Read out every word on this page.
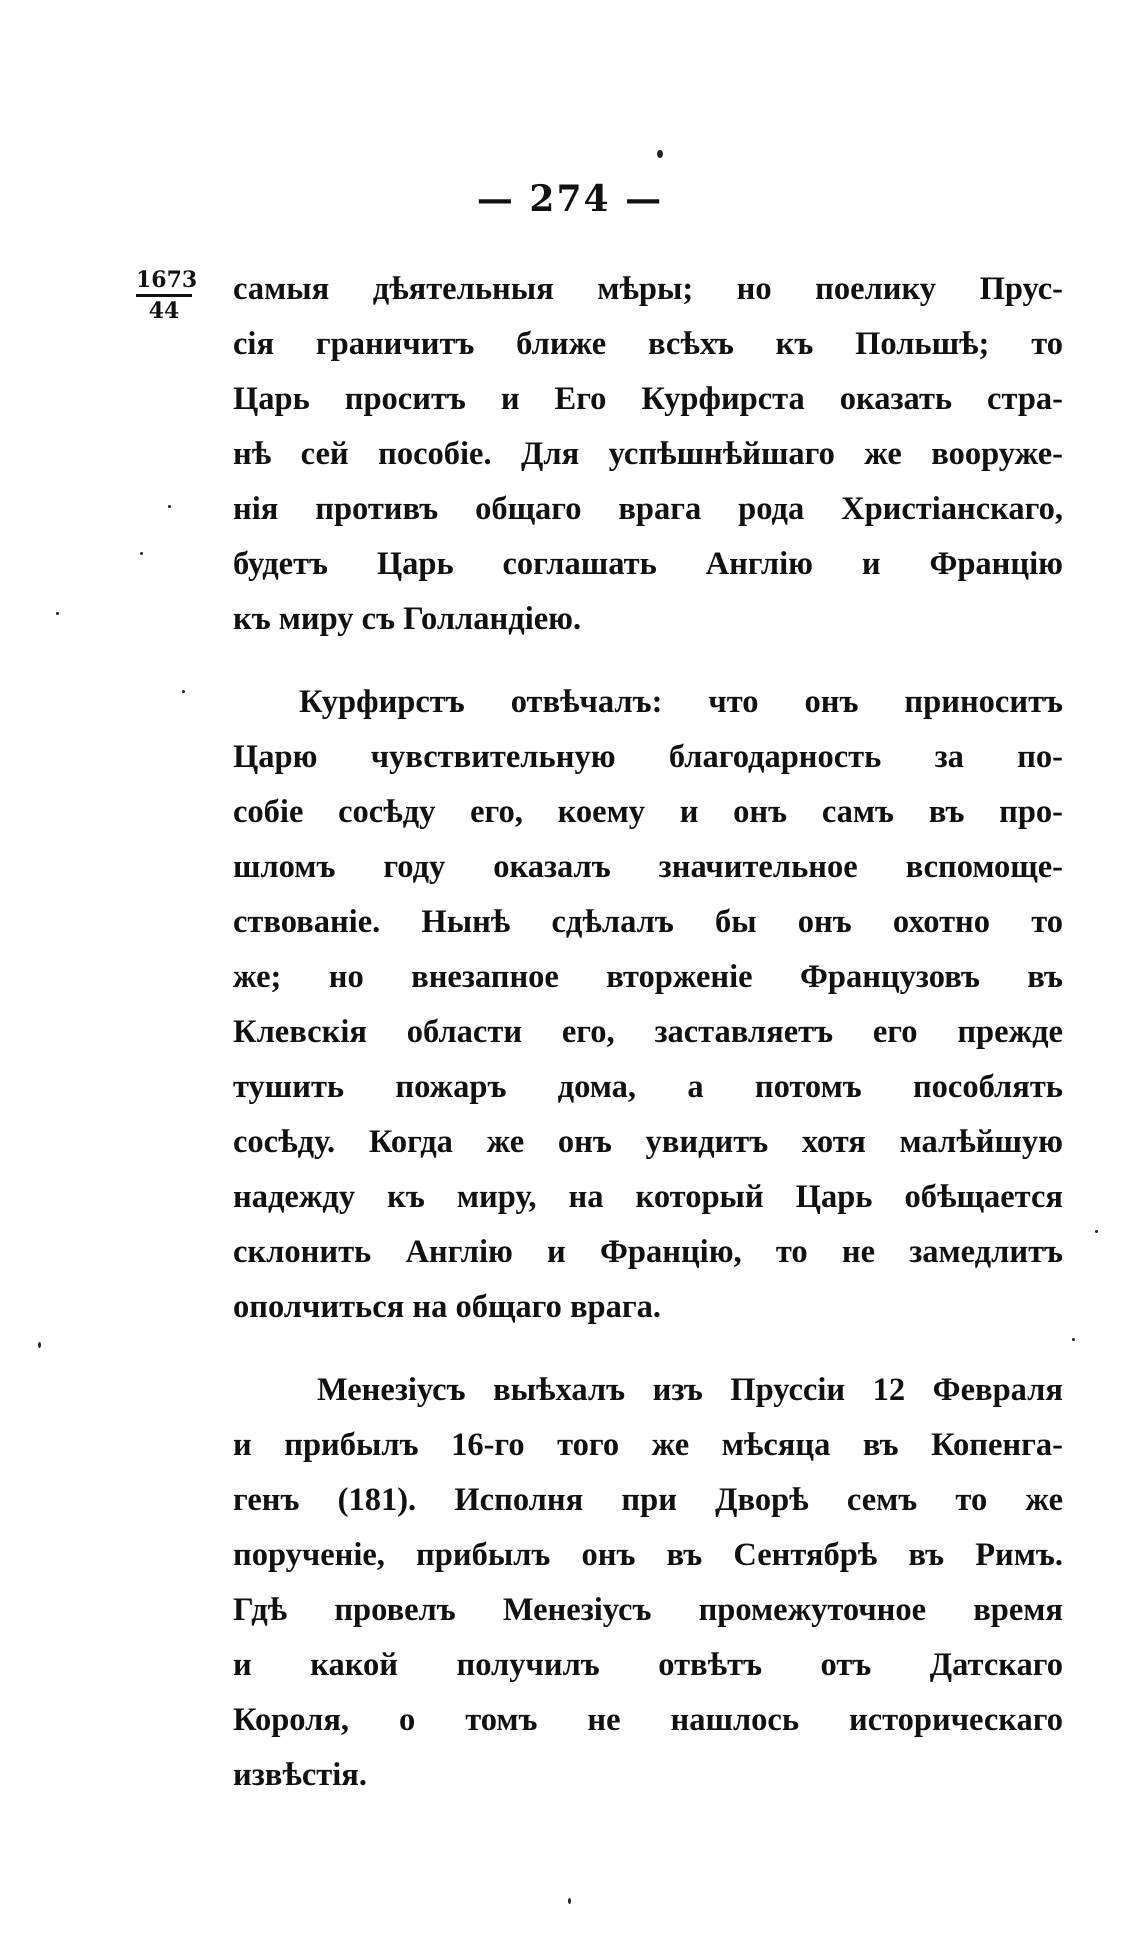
— 274 —
1673
44
самыя дѣятельныя мѣры; но поелику Прус-
сія граничитъ ближе всѣхъ къ Польшѣ; то
Царь проситъ и Его Курфирста оказать стра-
нѣ сей пособіе. Для успѣшнѣйшаго же вооруже-
нія противъ общаго врага рода Христіанскаго,
будетъ Царь соглашать Англію и Францію
къ миру съ Голландіею.
Курфирстъ отвѣчалъ: что онъ приноситъ
Царю чувствительную благодарность за по-
собіе сосѣду его, коему и онъ самъ въ про-
шломъ году оказалъ значительное вспомоще-
ствованіе. Нынѣ сдѣлалъ бы онъ охотно то
же; но внезапное вторженіе Французовъ въ
Клевскія области его, заставляетъ его прежде
тушить пожаръ дома, а потомъ пособлять
сосѣду. Когда же онъ увидитъ хотя малѣйшую
надежду къ миру, на который Царь обѣщается
склонить Англію и Францію, то не замедлитъ
ополчиться на общаго врага.
Менезіусъ выѣхалъ изъ Пруссіи 12 Февраля
и прибылъ 16-го того же мѣсяца въ Копенга-
генъ (181). Исполня при Дворѣ семъ то же
порученіе, прибылъ онъ въ Сентябрѣ въ Римъ.
Гдѣ провелъ Менезіусъ промежуточное время
и какой получилъ отвѣтъ отъ Датскаго
Короля, о томъ не нашлось историческаго
извѣстія.
